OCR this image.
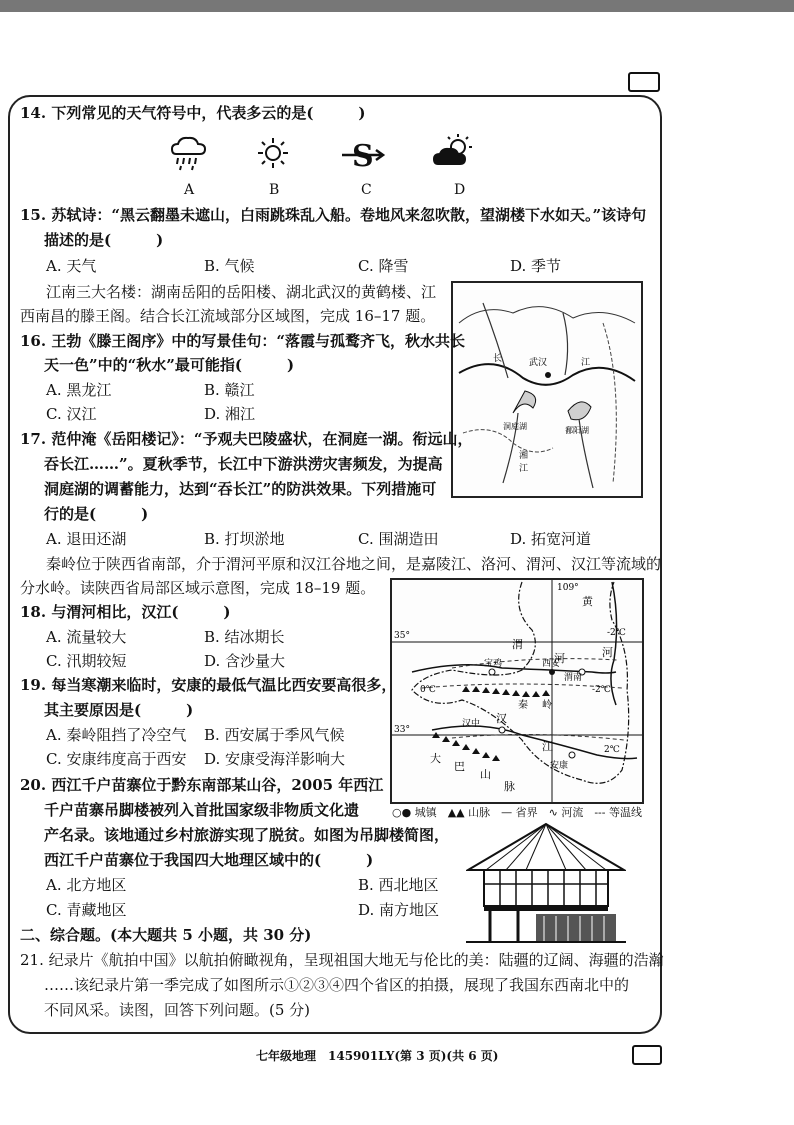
14. 下列常见的天气符号中，代表多云的是(　　　)
S
A	B	C	D
15. 苏轼诗：“黑云翻墨未遮山，白雨跳珠乱入船。卷地风来忽吹散，望湖楼下水如天。”该诗句
描述的是(　　　)
A. 天气	B. 气候	C. 降雪	D. 季节
江南三大名楼：湖南岳阳的岳阳楼、湖北武汉的黄鹤楼、江
西南昌的滕王阁。结合长江流域部分区域图，完成 16–17 题。
武汉	江
长
洞庭湖	鄱阳湖
湘
江
16. 王勃《滕王阁序》中的写景佳句：“落霞与孤鹜齐飞，秋水共长
天一色”中的“秋水”最可能指(　　　)
A. 黑龙江	B. 赣江
C. 汉江	D. 湘江
17. 范仲淹《岳阳楼记》：“予观夫巴陵盛状，在洞庭一湖。衔远山，
吞长江……”。夏秋季节，长江中下游洪涝灾害频发，为提高
洞庭湖的调蓄能力，达到“吞长江”的防洪效果。下列措施可
行的是(　　　)
A. 退田还湖	B. 打坝淤地	C. 围湖造田	D. 拓宽河道
秦岭位于陕西省南部，介于渭河平原和汉江谷地之间，是嘉陵江、洛河、渭河、汉江等流域的
分水岭。读陕西省局部区域示意图，完成 18–19 题。	109°
35°
33°
黄
-2℃
渭
河	河
宝鸡	西安
渭南
0℃	-2℃
秦 岭
汉中 汉
江	2℃
大
巴
山
脉
安康
○● 城镇　▲▲ 山脉　— 省界　∿ 河流　--- 等温线
18. 与渭河相比，汉江(　　　)
A. 流量较大	B. 结冰期长
C. 汛期较短	D. 含沙量大
19. 每当寒潮来临时，安康的最低气温比西安要高很多，
其主要原因是(　　　)
A. 秦岭阻挡了冷空气 B. 西安属于季风气候
C. 安康纬度高于西安 D. 安康受海洋影响大
20. 西江千户苗寨位于黔东南部某山谷，2005 年西江
千户苗寨吊脚楼被列入首批国家级非物质文化遗
产名录。该地通过乡村旅游实现了脱贫。如图为吊脚楼简图，
西江千户苗寨位于我国四大地理区域中的(　　　)
A. 北方地区	B. 西北地区
C. 青藏地区	D. 南方地区
二、综合题。(本大题共 5 小题，共 30 分)
21. 纪录片《航拍中国》以航拍俯瞰视角，呈现祖国大地无与伦比的美：陆疆的辽阔、海疆的浩瀚
……该纪录片第一季完成了如图所示①②③④四个省区的拍摄，展现了我国东西南北中的
不同风采。读图，回答下列问题。(5 分)
七年级地理　145901LY(第 3 页)(共 6 页)
